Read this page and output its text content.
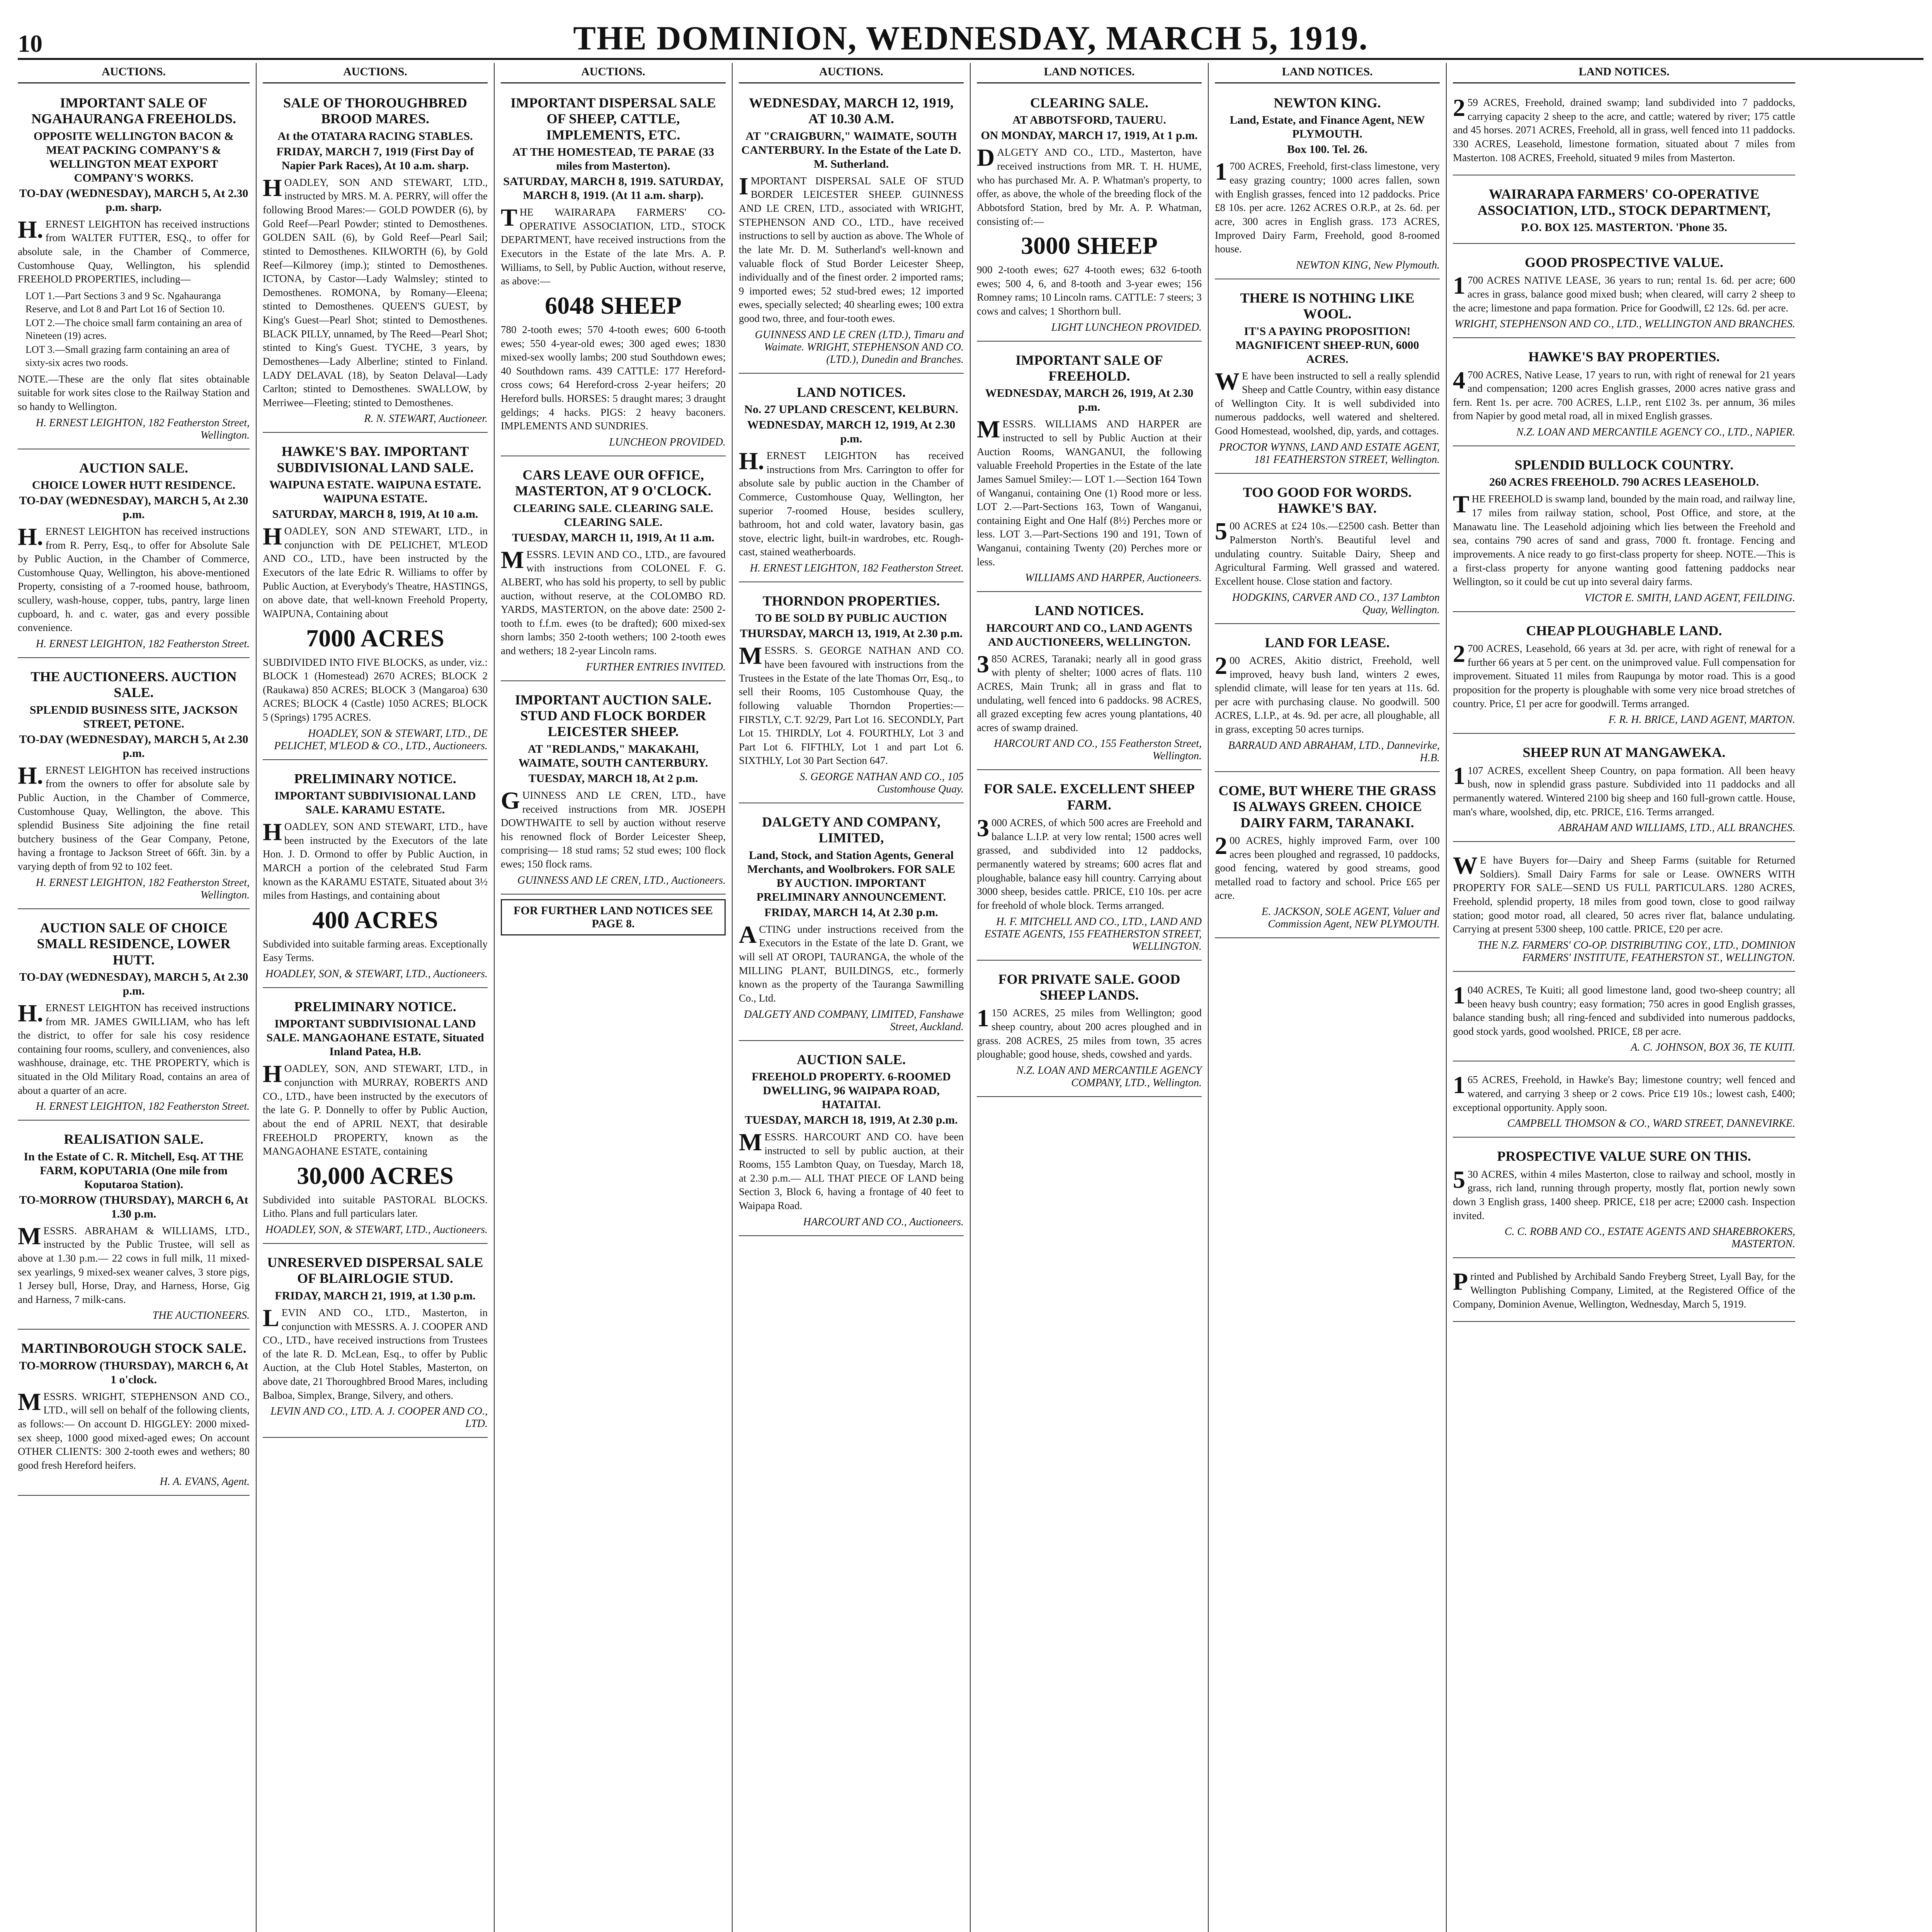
10	THE DOMINION, WEDNESDAY, MARCH 5, 1919.
AUCTIONS.
IMPORTANT SALE OF NGAHAURANGA FREEHOLDS.
OPPOSITE WELLINGTON BACON & MEAT PACKING COMPANY'S & WELLINGTON MEAT EXPORT COMPANY'S WORKS.
TO-DAY (WEDNESDAY), MARCH 5, At 2.30 p.m. sharp.

H.ERNEST LEIGHTON has received instructions from WALTER FUTTER, ESQ., to offer for absolute sale, in the Chamber of Commerce, Customhouse Quay, Wellington, his splendid FREEHOLD PROPERTIES, including—

LOT 1.—Part Sections 3 and 9 Sc. Ngahauranga Reserve, and Lot 8 and Part Lot 16 of Section 10.
LOT 2.—The choice small farm containing an area of Nineteen (19) acres.
LOT 3.—Small grazing farm containing an area of sixty-six acres two roods.

NOTE.—These are the only flat sites obtainable suitable for work sites close to the Railway Station and so handy to Wellington.

H. ERNEST LEIGHTON, 182 Featherston Street, Wellington.
AUCTION SALE.
CHOICE LOWER HUTT RESIDENCE.
TO-DAY (WEDNESDAY), MARCH 5, At 2.30 p.m.

H.ERNEST LEIGHTON has received instructions from R. Perry, Esq., to offer for Absolute Sale by Public Auction, in the Chamber of Commerce, Customhouse Quay, Wellington, his above-mentioned Property, consisting of a 7-roomed house, bathroom, scullery, wash-house, copper, tubs, pantry, large linen cupboard, h. and c. water, gas and every possible convenience.

H. ERNEST LEIGHTON, 182 Featherston Street.
THE AUCTIONEERS. AUCTION SALE.
SPLENDID BUSINESS SITE, JACKSON STREET, PETONE.
TO-DAY (WEDNESDAY), MARCH 5, At 2.30 p.m.

H.ERNEST LEIGHTON has received instructions from the owners to offer for absolute sale by Public Auction, in the Chamber of Commerce, Customhouse Quay, Wellington, the above. This splendid Business Site adjoining the fine retail butchery business of the Gear Company, Petone, having a frontage to Jackson Street of 66ft. 3in. by a varying depth of from 92 to 102 feet.

H. ERNEST LEIGHTON, 182 Featherston Street, Wellington.
AUCTION SALE OF CHOICE SMALL RESIDENCE, LOWER HUTT.
TO-DAY (WEDNESDAY), MARCH 5, At 2.30 p.m.

H.ERNEST LEIGHTON has received instructions from MR. JAMES GWILLIAM, who has left the district, to offer for sale his cosy residence containing four rooms, scullery, and conveniences, also washhouse, drainage, etc. THE PROPERTY, which is situated in the Old Military Road, contains an area of about a quarter of an acre.

H. ERNEST LEIGHTON, 182 Featherston Street.
REALISATION SALE.
In the Estate of C. R. Mitchell, Esq. AT THE FARM, KOPUTARIA (One mile from Koputaroa Station).
TO-MORROW (THURSDAY), MARCH 6, At 1.30 p.m.

MESSRS. ABRAHAM & WILLIAMS, LTD., instructed by the Public Trustee, will sell as above at 1.30 p.m.— 22 cows in full milk, 11 mixed-sex yearlings, 9 mixed-sex weaner calves, 3 store pigs, 1 Jersey bull, Horse, Dray, and Harness, Horse, Gig and Harness, 7 milk-cans.

THE AUCTIONEERS.
MARTINBOROUGH STOCK SALE.
TO-MORROW (THURSDAY), MARCH 6, At 1 o'clock.

MESSRS. WRIGHT, STEPHENSON AND CO., LTD., will sell on behalf of the following clients, as follows:— On account D. HIGGLEY: 2000 mixed-sex sheep, 1000 good mixed-aged ewes; On account OTHER CLIENTS: 300 2-tooth ewes and wethers; 80 good fresh Hereford heifers.

H. A. EVANS, Agent.
AUCTIONS.
SALE OF THOROUGHBRED BROOD MARES.
At the OTATARA RACING STABLES.
FRIDAY, MARCH 7, 1919 (First Day of Napier Park Races), At 10 a.m. sharp.

HOADLEY, SON AND STEWART, LTD., instructed by MRS. M. A. PERRY, will offer the following Brood Mares:— GOLD POWDER (6), by Gold Reef—Pearl Powder; stinted to Demosthenes. GOLDEN SAIL (6), by Gold Reef—Pearl Sail; stinted to Demosthenes. KILWORTH (6), by Gold Reef—Kilmorey (imp.); stinted to Demosthenes. ICTONA, by Castor—Lady Walmsley; stinted to Demosthenes. ROMONA, by Romany—Eleena; stinted to Demosthenes. QUEEN'S GUEST, by King's Guest—Pearl Shot; stinted to Demosthenes. BLACK PILLY, unnamed, by The Reed—Pearl Shot; stinted to King's Guest. TYCHE, 3 years, by Demosthenes—Lady Alberline; stinted to Finland. LADY DELAVAL (18), by Seaton Delaval—Lady Carlton; stinted to Demosthenes. SWALLOW, by Merriwee—Fleeting; stinted to Demosthenes.

R. N. STEWART, Auctioneer.
HAWKE'S BAY. IMPORTANT SUBDIVISIONAL LAND SALE.
WAIPUNA ESTATE. WAIPUNA ESTATE. WAIPUNA ESTATE.
SATURDAY, MARCH 8, 1919, At 10 a.m.

HOADLEY, SON AND STEWART, LTD., in conjunction with DE PELICHET, M'LEOD AND CO., LTD., have been instructed by the Executors of the late Edric R. Williams to offer by Public Auction, at Everybody's Theatre, HASTINGS, on above date, that well-known Freehold Property, WAIPUNA, Containing about

7000 ACRES

SUBDIVIDED INTO FIVE BLOCKS, as under, viz.: BLOCK 1 (Homestead) 2670 ACRES; BLOCK 2 (Raukawa) 850 ACRES; BLOCK 3 (Mangaroa) 630 ACRES; BLOCK 4 (Castle) 1050 ACRES; BLOCK 5 (Springs) 1795 ACRES.

HOADLEY, SON & STEWART, LTD., DE PELICHET, M'LEOD & CO., LTD., Auctioneers.
PRELIMINARY NOTICE.
IMPORTANT SUBDIVISIONAL LAND SALE. KARAMU ESTATE.

HOADLEY, SON AND STEWART, LTD., have been instructed by the Executors of the late Hon. J. D. Ormond to offer by Public Auction, in MARCH a portion of the celebrated Stud Farm known as the KARAMU ESTATE, Situated about 3½ miles from Hastings, and containing about

400 ACRES

Subdivided into suitable farming areas. Exceptionally Easy Terms.

HOADLEY, SON, & STEWART, LTD., Auctioneers.
PRELIMINARY NOTICE.
IMPORTANT SUBDIVISIONAL LAND SALE. MANGAOHANE ESTATE, Situated Inland Patea, H.B.

HOADLEY, SON, AND STEWART, LTD., in conjunction with MURRAY, ROBERTS AND CO., LTD., have been instructed by the executors of the late G. P. Donnelly to offer by Public Auction, about the end of APRIL NEXT, that desirable FREEHOLD PROPERTY, known as the MANGAOHANE ESTATE, containing

30,000 ACRES

Subdivided into suitable PASTORAL BLOCKS. Litho. Plans and full particulars later.

HOADLEY, SON, & STEWART, LTD., Auctioneers.
UNRESERVED DISPERSAL SALE OF BLAIRLOGIE STUD.
FRIDAY, MARCH 21, 1919, at 1.30 p.m.

LEVIN AND CO., LTD., Masterton, in conjunction with MESSRS. A. J. COOPER AND CO., LTD., have received instructions from Trustees of the late R. D. McLean, Esq., to offer by Public Auction, at the Club Hotel Stables, Masterton, on above date, 21 Thoroughbred Brood Mares, including Balboa, Simplex, Brange, Silvery, and others.

LEVIN AND CO., LTD. A. J. COOPER AND CO., LTD.
AUCTIONS.
IMPORTANT DISPERSAL SALE OF SHEEP, CATTLE, IMPLEMENTS, ETC.
AT THE HOMESTEAD, TE PARAE (33 miles from Masterton).
SATURDAY, MARCH 8, 1919. SATURDAY, MARCH 8, 1919. (At 11 a.m. sharp).

THE WAIRARAPA FARMERS' CO-OPERATIVE ASSOCIATION, LTD., STOCK DEPARTMENT, have received instructions from the Executors in the Estate of the late Mrs. A. P. Williams, to Sell, by Public Auction, without reserve, as above:—

6048 SHEEP

780 2-tooth ewes; 570 4-tooth ewes; 600 6-tooth ewes; 550 4-year-old ewes; 300 aged ewes; 1830 mixed-sex woolly lambs; 200 stud Southdown ewes; 40 Southdown rams. 439 CATTLE: 177 Hereford-cross cows; 64 Hereford-cross 2-year heifers; 20 Hereford bulls. HORSES: 5 draught mares; 3 draught geldings; 4 hacks. PIGS: 2 heavy baconers. IMPLEMENTS AND SUNDRIES.

LUNCHEON PROVIDED.
CARS LEAVE OUR OFFICE, MASTERTON, AT 9 O'CLOCK.
CLEARING SALE. CLEARING SALE. CLEARING SALE.
TUESDAY, MARCH 11, 1919, At 11 a.m.

MESSRS. LEVIN AND CO., LTD., are favoured with instructions from COLONEL F. G. ALBERT, who has sold his property, to sell by public auction, without reserve, at the COLOMBO RD. YARDS, MASTERTON, on the above date: 2500 2-tooth to f.f.m. ewes (to be drafted); 600 mixed-sex shorn lambs; 350 2-tooth wethers; 100 2-tooth ewes and wethers; 18 2-year Lincoln rams.

FURTHER ENTRIES INVITED.
IMPORTANT AUCTION SALE. STUD AND FLOCK BORDER LEICESTER SHEEP.
AT "REDLANDS," MAKAKAHI, WAIMATE, SOUTH CANTERBURY.
TUESDAY, MARCH 18, At 2 p.m.

GUINNESS AND LE CREN, LTD., have received instructions from MR. JOSEPH DOWTHWAITE to sell by auction without reserve his renowned flock of Border Leicester Sheep, comprising— 18 stud rams; 52 stud ewes; 100 flock ewes; 150 flock rams.

GUINNESS AND LE CREN, LTD., Auctioneers.
FOR FURTHER LAND NOTICES SEE PAGE 8.
AUCTIONS.
WEDNESDAY, MARCH 12, 1919, AT 10.30 A.M.
AT "CRAIGBURN," WAIMATE, SOUTH CANTERBURY. In the Estate of the Late D. M. Sutherland.

IMPORTANT DISPERSAL SALE OF STUD BORDER LEICESTER SHEEP. GUINNESS AND LE CREN, LTD., associated with WRIGHT, STEPHENSON AND CO., LTD., have received instructions to sell by auction as above. The Whole of the late Mr. D. M. Sutherland's well-known and valuable flock of Stud Border Leicester Sheep, individually and of the finest order. 2 imported rams; 9 imported ewes; 52 stud-bred ewes; 12 imported ewes, specially selected; 40 shearling ewes; 100 extra good two, three, and four-tooth ewes.

GUINNESS AND LE CREN (LTD.), Timaru and Waimate. WRIGHT, STEPHENSON AND CO. (LTD.), Dunedin and Branches.
LAND NOTICES.
No. 27 UPLAND CRESCENT, KELBURN.
WEDNESDAY, MARCH 12, 1919, At 2.30 p.m.

H.ERNEST LEIGHTON has received instructions from Mrs. Carrington to offer for absolute sale by public auction in the Chamber of Commerce, Customhouse Quay, Wellington, her superior 7-roomed House, besides scullery, bathroom, hot and cold water, lavatory basin, gas stove, electric light, built-in wardrobes, etc. Rough-cast, stained weatherboards.

H. ERNEST LEIGHTON, 182 Featherston Street.
THORNDON PROPERTIES.
TO BE SOLD BY PUBLIC AUCTION
THURSDAY, MARCH 13, 1919, At 2.30 p.m.

MESSRS. S. GEORGE NATHAN AND CO. have been favoured with instructions from the Trustees in the Estate of the late Thomas Orr, Esq., to sell their Rooms, 105 Customhouse Quay, the following valuable Thorndon Properties:— FIRSTLY, C.T. 92/29, Part Lot 16. SECONDLY, Part Lot 15. THIRDLY, Lot 4. FOURTHLY, Lot 3 and Part Lot 6. FIFTHLY, Lot 1 and part Lot 6. SIXTHLY, Lot 30 Part Section 647.

S. GEORGE NATHAN AND CO., 105 Customhouse Quay.
DALGETY AND COMPANY, LIMITED,
Land, Stock, and Station Agents, General Merchants, and Woolbrokers. FOR SALE BY AUCTION. IMPORTANT PRELIMINARY ANNOUNCEMENT.
FRIDAY, MARCH 14, At 2.30 p.m.

ACTING under instructions received from the Executors in the Estate of the late D. Grant, we will sell AT OROPI, TAURANGA, the whole of the MILLING PLANT, BUILDINGS, etc., formerly known as the property of the Tauranga Sawmilling Co., Ltd.

DALGETY AND COMPANY, LIMITED, Fanshawe Street, Auckland.
AUCTION SALE.
FREEHOLD PROPERTY. 6-ROOMED DWELLING, 96 WAIPAPA ROAD, HATAITAI.
TUESDAY, MARCH 18, 1919, At 2.30 p.m.

MESSRS. HARCOURT AND CO. have been instructed to sell by public auction, at their Rooms, 155 Lambton Quay, on Tuesday, March 18, at 2.30 p.m.— ALL THAT PIECE OF LAND being Section 3, Block 6, having a frontage of 40 feet to Waipapa Road.

HARCOURT AND CO., Auctioneers.
LAND NOTICES.
CLEARING SALE.
AT ABBOTSFORD, TAUERU.
ON MONDAY, MARCH 17, 1919, At 1 p.m.

DALGETY AND CO., LTD., Masterton, have received instructions from MR. T. H. HUME, who has purchased Mr. A. P. Whatman's property, to offer, as above, the whole of the breeding flock of the Abbotsford Station, bred by Mr. A. P. Whatman, consisting of:—

3000 SHEEP

900 2-tooth ewes; 627 4-tooth ewes; 632 6-tooth ewes; 500 4, 6, and 8-tooth and 3-year ewes; 156 Romney rams; 10 Lincoln rams. CATTLE: 7 steers; 3 cows and calves; 1 Shorthorn bull.

LIGHT LUNCHEON PROVIDED.
IMPORTANT SALE OF FREEHOLD.
WEDNESDAY, MARCH 26, 1919, At 2.30 p.m.

MESSRS. WILLIAMS AND HARPER are instructed to sell by Public Auction at their Auction Rooms, WANGANUI, the following valuable Freehold Properties in the Estate of the late James Samuel Smiley:— LOT 1.—Section 164 Town of Wanganui, containing One (1) Rood more or less. LOT 2.—Part-Sections 163, Town of Wanganui, containing Eight and One Half (8½) Perches more or less. LOT 3.—Part-Sections 190 and 191, Town of Wanganui, containing Twenty (20) Perches more or less.

WILLIAMS AND HARPER, Auctioneers.
LAND NOTICES.
HARCOURT AND CO., LAND AGENTS AND AUCTIONEERS, WELLINGTON.

3850 ACRES, Taranaki; nearly all in good grass with plenty of shelter; 1000 acres of flats. 110 ACRES, Main Trunk; all in grass and flat to undulating, well fenced into 6 paddocks. 98 ACRES, all grazed excepting few acres young plantations, 40 acres of swamp drained.

HARCOURT AND CO., 155 Featherston Street, Wellington.
FOR SALE. EXCELLENT SHEEP FARM.

3000 ACRES, of which 500 acres are Freehold and balance L.I.P. at very low rental; 1500 acres well grassed, and subdivided into 12 paddocks, permanently watered by streams; 600 acres flat and ploughable, balance easy hill country. Carrying about 3000 sheep, besides cattle. PRICE, £10 10s. per acre for freehold of whole block. Terms arranged.

H. F. MITCHELL AND CO., LTD., LAND AND ESTATE AGENTS, 155 FEATHERSTON STREET, WELLINGTON.
FOR PRIVATE SALE. GOOD SHEEP LANDS.

1150 ACRES, 25 miles from Wellington; good sheep country, about 200 acres ploughed and in grass. 208 ACRES, 25 miles from town, 35 acres ploughable; good house, sheds, cowshed and yards.

N.Z. LOAN AND MERCANTILE AGENCY COMPANY, LTD., Wellington.
LAND NOTICES.
NEWTON KING.
Land, Estate, and Finance Agent, NEW PLYMOUTH.
Box 100. Tel. 26.

1700 ACRES, Freehold, first-class limestone, very easy grazing country; 1000 acres fallen, sown with English grasses, fenced into 12 paddocks. Price £8 10s. per acre. 1262 ACRES O.R.P., at 2s. 6d. per acre, 300 acres in English grass. 173 ACRES, Improved Dairy Farm, Freehold, good 8-roomed house.

NEWTON KING, New Plymouth.
THERE IS NOTHING LIKE WOOL.
IT'S A PAYING PROPOSITION! MAGNIFICENT SHEEP-RUN, 6000 ACRES.

WE have been instructed to sell a really splendid Sheep and Cattle Country, within easy distance of Wellington City. It is well subdivided into numerous paddocks, well watered and sheltered. Good Homestead, woolshed, dip, yards, and cottages.

PROCTOR WYNNS, LAND AND ESTATE AGENT, 181 FEATHERSTON STREET, Wellington.
TOO GOOD FOR WORDS. HAWKE'S BAY.

500 ACRES at £24 10s.—£2500 cash. Better than Palmerston North's. Beautiful level and undulating country. Suitable Dairy, Sheep and Agricultural Farming. Well grassed and watered. Excellent house. Close station and factory.

HODGKINS, CARVER AND CO., 137 Lambton Quay, Wellington.
LAND FOR LEASE.

200 ACRES, Akitio district, Freehold, well improved, heavy bush land, winters 2 ewes, splendid climate, will lease for ten years at 11s. 6d. per acre with purchasing clause. No goodwill. 500 ACRES, L.I.P., at 4s. 9d. per acre, all ploughable, all in grass, excepting 50 acres turnips.

BARRAUD AND ABRAHAM, LTD., Dannevirke, H.B.
COME, BUT WHERE THE GRASS IS ALWAYS GREEN. CHOICE DAIRY FARM, TARANAKI.

200 ACRES, highly improved Farm, over 100 acres been ploughed and regrassed, 10 paddocks, good fencing, watered by good streams, good metalled road to factory and school. Price £65 per acre.

E. JACKSON, SOLE AGENT, Valuer and Commission Agent, NEW PLYMOUTH.
LAND NOTICES.

259 ACRES, Freehold, drained swamp; land subdivided into 7 paddocks, carrying capacity 2 sheep to the acre, and cattle; watered by river; 175 cattle and 45 horses. 2071 ACRES, Freehold, all in grass, well fenced into 11 paddocks. 330 ACRES, Leasehold, limestone formation, situated about 7 miles from Masterton. 108 ACRES, Freehold, situated 9 miles from Masterton.

WAIRARAPA FARMERS' CO-OPERATIVE ASSOCIATION, LTD., STOCK DEPARTMENT,
P.O. BOX 125. MASTERTON. 'Phone 35.
GOOD PROSPECTIVE VALUE.

1700 ACRES NATIVE LEASE, 36 years to run; rental 1s. 6d. per acre; 600 acres in grass, balance good mixed bush; when cleared, will carry 2 sheep to the acre; limestone and papa formation. Price for Goodwill, £2 12s. 6d. per acre.

WRIGHT, STEPHENSON AND CO., LTD., WELLINGTON AND BRANCHES.
HAWKE'S BAY PROPERTIES.

4700 ACRES, Native Lease, 17 years to run, with right of renewal for 21 years and compensation; 1200 acres English grasses, 2000 acres native grass and fern. Rent 1s. per acre. 700 ACRES, L.I.P., rent £102 3s. per annum, 36 miles from Napier by good metal road, all in mixed English grasses.

N.Z. LOAN AND MERCANTILE AGENCY CO., LTD., NAPIER.
SPLENDID BULLOCK COUNTRY.
260 ACRES FREEHOLD. 790 ACRES LEASEHOLD.

THE FREEHOLD is swamp land, bounded by the main road, and railway line, 17 miles from railway station, school, Post Office, and store, at the Manawatu line. The Leasehold adjoining which lies between the Freehold and sea, contains 790 acres of sand and grass, 7000 ft. frontage. Fencing and improvements. A nice ready to go first-class property for sheep. NOTE.—This is a first-class property for anyone wanting good fattening paddocks near Wellington, so it could be cut up into several dairy farms.

VICTOR E. SMITH, LAND AGENT, FEILDING.
CHEAP PLOUGHABLE LAND.

2700 ACRES, Leasehold, 66 years at 3d. per acre, with right of renewal for a further 66 years at 5 per cent. on the unimproved value. Full compensation for improvement. Situated 11 miles from Raupunga by motor road. This is a good proposition for the property is ploughable with some very nice broad stretches of country. Price, £1 per acre for goodwill. Terms arranged.

F. R. H. BRICE, LAND AGENT, MARTON.
SHEEP RUN AT MANGAWEKA.

1107 ACRES, excellent Sheep Country, on papa formation. All been heavy bush, now in splendid grass pasture. Subdivided into 11 paddocks and all permanently watered. Wintered 2100 big sheep and 160 full-grown cattle. House, man's whare, woolshed, dip, etc. PRICE, £16. Terms arranged.

ABRAHAM AND WILLIAMS, LTD., ALL BRANCHES.

WE have Buyers for—Dairy and Sheep Farms (suitable for Returned Soldiers). Small Dairy Farms for sale or Lease. OWNERS WITH PROPERTY FOR SALE—SEND US FULL PARTICULARS. 1280 ACRES, Freehold, splendid property, 18 miles from good town, close to good railway station; good motor road, all cleared, 50 acres river flat, balance undulating. Carrying at present 5300 sheep, 100 cattle. PRICE, £20 per acre.

THE N.Z. FARMERS' CO-OP. DISTRIBUTING COY., LTD., DOMINION FARMERS' INSTITUTE, FEATHERSTON ST., WELLINGTON.

1040 ACRES, Te Kuiti; all good limestone land, good two-sheep country; all been heavy bush country; easy formation; 750 acres in good English grasses, balance standing bush; all ring-fenced and subdivided into numerous paddocks, good stock yards, good woolshed. PRICE, £8 per acre.

A. C. JOHNSON, BOX 36, TE KUITI.

165 ACRES, Freehold, in Hawke's Bay; limestone country; well fenced and watered, and carrying 3 sheep or 2 cows. Price £19 10s.; lowest cash, £400; exceptional opportunity. Apply soon.

CAMPBELL THOMSON & CO., WARD STREET, DANNEVIRKE.
PROSPECTIVE VALUE SURE ON THIS.

530 ACRES, within 4 miles Masterton, close to railway and school, mostly in grass, rich land, running through property, mostly flat, portion newly sown down 3 English grass, 1400 sheep. PRICE, £18 per acre; £2000 cash. Inspection invited.

C. C. ROBB AND CO., ESTATE AGENTS AND SHAREBROKERS, MASTERTON.

Printed and Published by Archibald Sando Freyberg Street, Lyall Bay, for the Wellington Publishing Company, Limited, at the Registered Office of the Company, Dominion Avenue, Wellington, Wednesday, March 5, 1919.
